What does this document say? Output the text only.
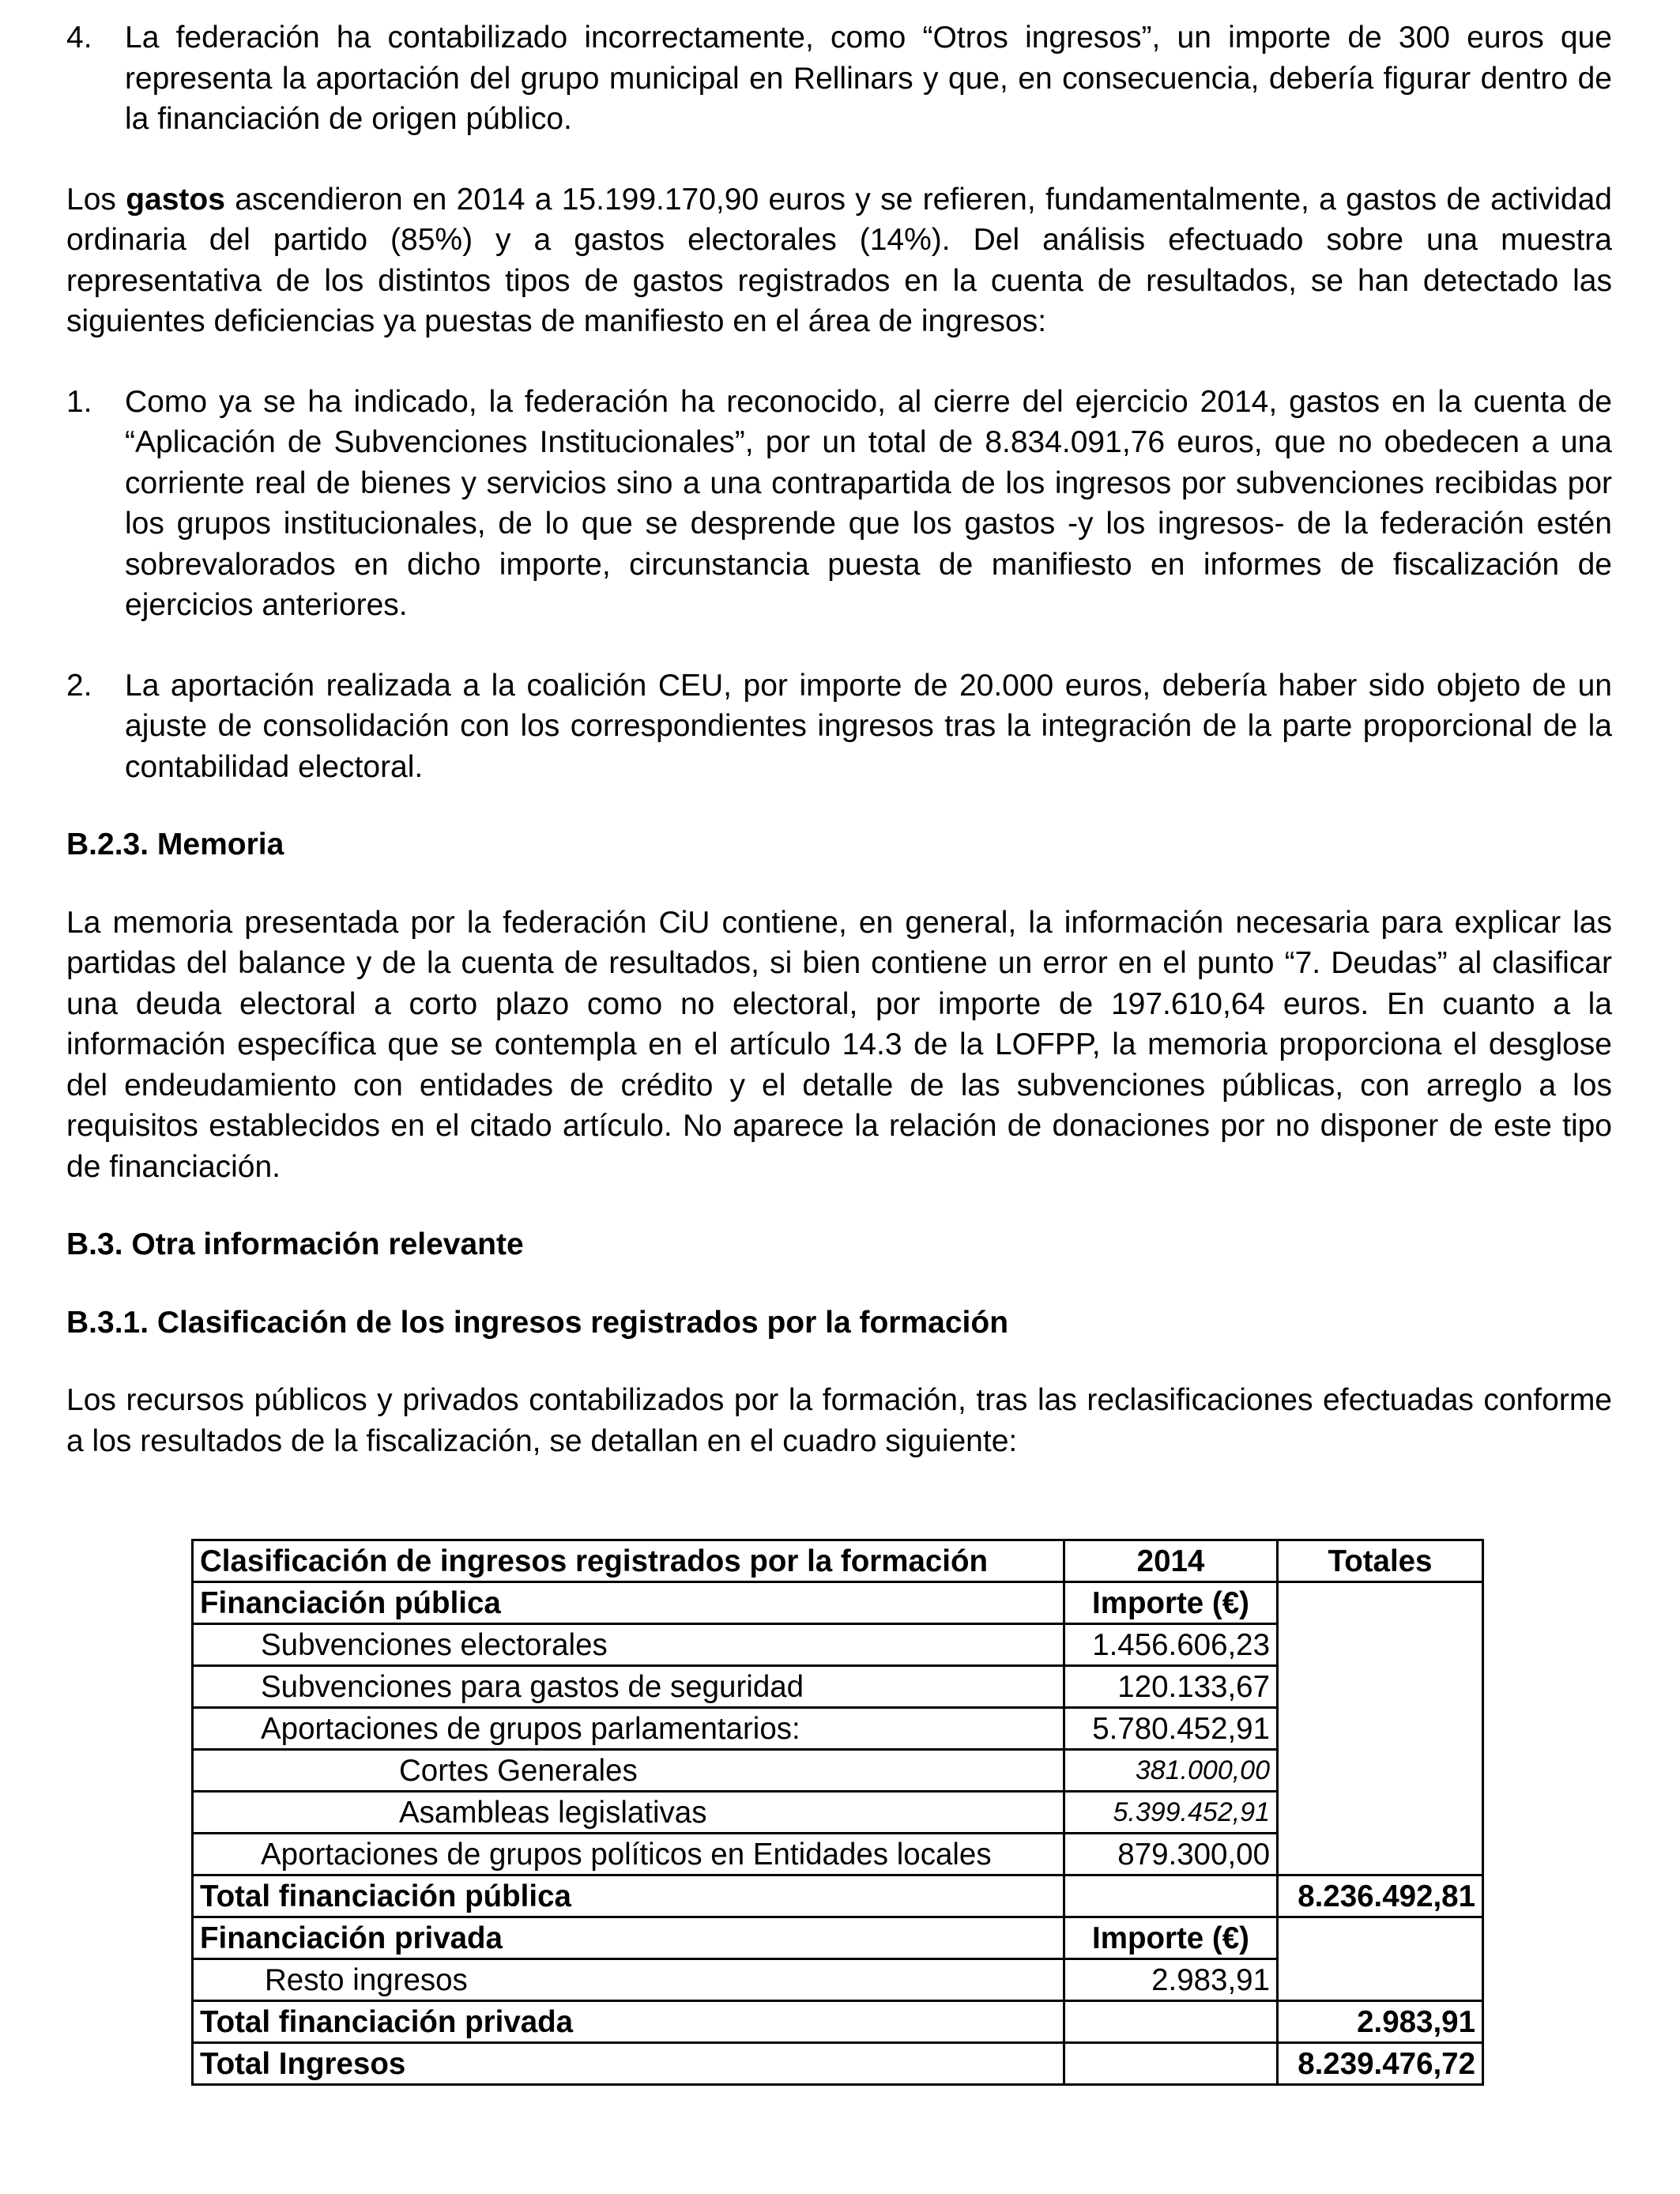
4. La federación ha contabilizado incorrectamente, como “Otros ingresos”, un importe de 300 euros que representa la aportación del grupo municipal en Rellinars y que, en consecuencia, debería figurar dentro de la financiación de origen público.

Los gastos ascendieron en 2014 a 15.199.170,90 euros y se refieren, fundamentalmente, a gastos de actividad ordinaria del partido (85%) y a gastos electorales (14%). Del análisis efectuado sobre una muestra representativa de los distintos tipos de gastos registrados en la cuenta de resultados, se han detectado las siguientes deficiencias ya puestas de manifiesto en el área de ingresos:

1. Como ya se ha indicado, la federación ha reconocido, al cierre del ejercicio 2014, gastos en la cuenta de “Aplicación de Subvenciones Institucionales”, por un total de 8.834.091,76 euros, que no obedecen a una corriente real de bienes y servicios sino a una contrapartida de los ingresos por subvenciones recibidas por los grupos institucionales, de lo que se desprende que los gastos -y los ingresos- de la federación estén sobrevalorados en dicho importe, circunstancia puesta de manifiesto en informes de fiscalización de ejercicios anteriores.
2. La aportación realizada a la coalición CEU, por importe de 20.000 euros, debería haber sido objeto de un ajuste de consolidación con los correspondientes ingresos tras la integración de la parte proporcional de la contabilidad electoral.
B.2.3. Memoria

La memoria presentada por la federación CiU contiene, en general, la información necesaria para explicar las partidas del balance y de la cuenta de resultados, si bien contiene un error en el punto “7. Deudas” al clasificar una deuda electoral a corto plazo como no electoral, por importe de 197.610,64 euros. En cuanto a la información específica que se contempla en el artículo 14.3 de la LOFPP, la memoria proporciona el desglose del endeudamiento con entidades de crédito y el detalle de las subvenciones públicas, con arreglo a los requisitos establecidos en el citado artículo. No aparece la relación de donaciones por no disponer de este tipo de financiación.

B.3. Otra información relevante
B.3.1. Clasificación de los ingresos registrados por la formación

Los recursos públicos y privados contabilizados por la formación, tras las reclasificaciones efectuadas conforme a los resultados de la fiscalización, se detallan en el cuadro siguiente:

Clasificación de ingresos registrados por la formación	2014	Totales
Financiación pública	Importe (€)	
Subvenciones electorales	1.456.606,23	
Subvenciones para gastos de seguridad	120.133,67	
Aportaciones de grupos parlamentarios:	5.780.452,91	
Cortes Generales	381.000,00	
Asambleas legislativas	5.399.452,91	
Aportaciones de grupos políticos en Entidades locales	879.300,00	
Total financiación pública		8.236.492,81
Financiación privada	Importe (€)	
Resto ingresos	2.983,91	
Total financiación privada		2.983,91
Total Ingresos		8.239.476,72
